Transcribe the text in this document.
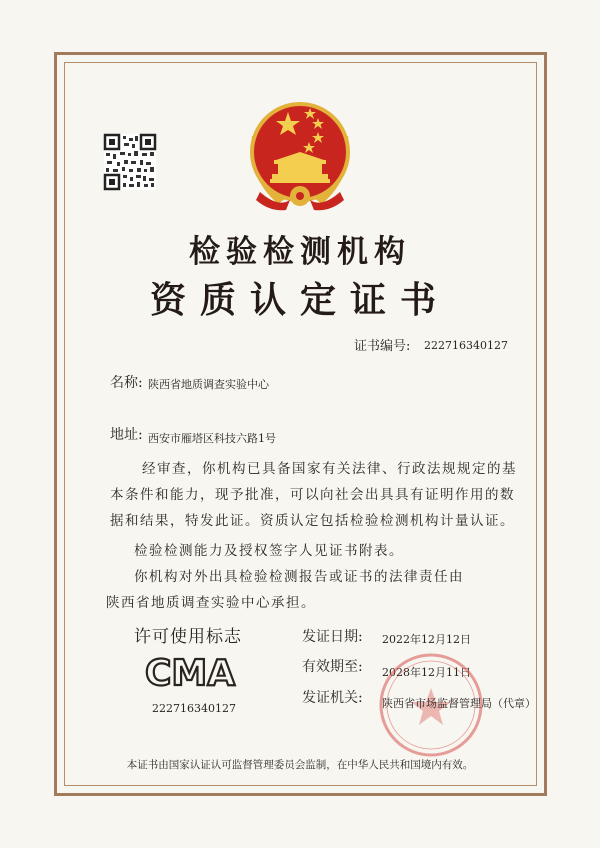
检验检测机构
资质认定证书
证书编号: 222716340127
名称: 陕西省地质调查实验中心
地址: 西安市雁塔区科技六路1号
经审查，你机构已具备国家有关法律、行政法规规定的基
本条件和能力，现予批准，可以向社会出具具有证明作用的数
据和结果，特发此证。资质认定包括检验检测机构计量认证。
检验检测能力及授权签字人见证书附表。
你机构对外出具检验检测报告或证书的法律责任由
陕西省地质调查实验中心承担。
许可使用标志
CMA
222716340127
发证日期: 2022年12月12日
有效期至: 2028年12月11日
发证机关: 陕西省市场监督管理局（代章）
本证书由国家认证认可监督管理委员会监制，在中华人民共和国境内有效。
